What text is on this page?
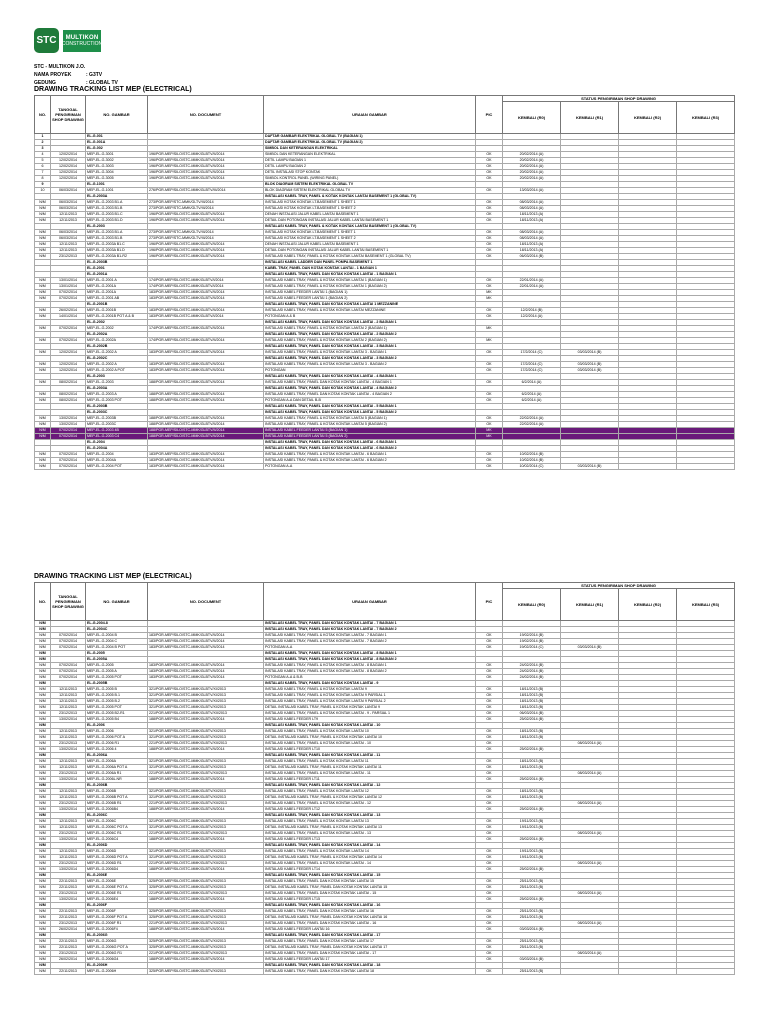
STC	MULTIKON
CONSTRUCTION
STC - MULTIKON J.O.
NAMA PROYEK	: G3TV
GEDUNG	: GLOBAL TV
DRAWING TRACKING LIST MEP (ELECTRICAL)
NO.	TANGGAL PENGIRIMAN SHOP DRAWING	NO. GAMBAR	NO. DOCUMENT	URAIAN GAMBAR	PIC	STATUS PENGIRIMAN SHOP DRAWING			
						KEMBALI (R0)	KEMBALI (R1)	KEMBALI (R2)	KEMBALI (R3)
1		EL-G-001		DAFTAR GAMBAR ELEKTRIKAL GLOBAL TV (BAGIAN 1)					
2		EL-G-001A		DAFTAR GAMBAR ELEKTRIKAL GLOBAL TV (BAGIAN 2)					
3		EL-G-002		SIMBOL DAN KETERANGAN ELEKTRIKAL					
4	12/02/2014	MEP-EL-G-3001	196/PGR-MEP/SILO/STC-MMK/GLBTV/II/2014	SIMBOL DAN KETERANGAN ELEKTRIKAL	OK	20/02/2014 (A)			
5	12/02/2014	MEP-EL-G-3002	196/PGR-MEP/SILO/STC-MMK/GLBTV/II/2014	DETIL LAMPU BAGIAN 1	OK	20/02/2014 (A)			
6	12/02/2014	MEP-EL-G-3003	196/PGR-MEP/SILO/STC-MMK/GLBTV/II/2014	DETIL LAMPU BAGIAN 2	OK	20/02/2014 (A)			
7	12/02/2014	MEP-EL-G-3004	196/PGR-MEP/SILO/STC-MMK/GLBTV/II/2014	DETIL INSTALASI STOP KONTAK	OK	20/02/2014 (A)			
8	12/02/2014	MEP-EL-G-3005	196/PGR-MEP/SILO/STC-MMK/GLBTV/II/2014	SIMBOL KONTROL PANEL (WIRING PANEL)	OK	20/02/2014 (A)			
9		EL-G-1001		BLOK DIAGRAM SISTEM ELEKTRIKAL GLOBAL TV					
10	06/03/2014	MEP-EL-G-1001	276/PGR-MEP/SILO/STC-MMK/GLBTV/III/2014	BLOK DIAGRAM SISTEM ELEKTRIKAL GLOBAL TV	OK	13/03/2014 (A)			
		EL-G-2003A		INSTALASI KABEL TRAY, PANEL & KOTAK KONTAK LANTAI BASEMENT 1 (GLOBAL TV)					
N/M	06/03/2014	MEP-EL-G-2003 B1.A	273/PGR-MEP/STC-MMK/GLTV/III/2014	INSTALASI KOTAK KONTAK LT.BASEMENT 1 SHEET 1	OK	08/03/2014 (A)			
N/M	06/03/2014	MEP-EL-G-2003 B1.B	273/PGR-MEP/STC-MMK/GLTV/III/2014	INSTALASI KOTAK KONTAK LT.BASEMENT 1 SHEET 2	OK	08/03/2014 (A)			
N/M	12/11/2013	MEP-EL-G-2003 B1.C	196/PGR-MEP/SILO/STC-MMK/GLBTV/II/2014	DENAH INSTALASI JALUR KABEL LANTAI BASEMENT 1	OK	18/11/2013 (A)			
N/M	12/11/2013	MEP-EL-G-2003 B1.D	196/PGR-MEP/SILO/STC-MMK/GLBTV/II/2014	DETAIL DAN POTONGAN INSTALASI JALUR KABEL LANTAI BASEMENT 1	OK	18/11/2013 (A)			
		EL-G-2003		INSTALASI KABEL TRAY, PANEL & KOTAK KONTAK LANTAI BASEMENT 1 (GLOBAL TV)					
N/M	06/03/2014	MEP-EL-G-2003 B1.A	273/PGR-MEP/STC-MMK/GLTV/III/2014	INSTALASI KOTAK KONTAK LT.BASEMENT 1 SHEET 1	OK	08/03/2014 (A)			
N/M	06/03/2014	MEP-EL-G-2003 B1.B	273/PGR-MEP/STC-MMK/GLTV/III/2014	INSTALASI KOTAK KONTAK LT.BASEMENT 1 SHEET 2	OK	08/03/2014 (A)			
N/M	12/11/2013	MEP-EL-G-2003A B1.C	196/PGR-MEP/SILO/STC-MMK/GLBTV/II/2014	DENAH INSTALASI JALUR KABEL LANTAI BASEMENT 1	OK	18/11/2013 (A)			
N/M	12/11/2013	MEP-EL-G-2003A B1.D	196/PGR-MEP/SILO/STC-MMK/GLBTV/II/2014	DETAIL DAN POTONGAN INSTALASI JALUR KABEL LANTAI BASEMENT 1	OK	18/11/2013 (A)			
N/M	23/12/2013	MEP-EL-G-2003A B1-R2	196/PGR-MEP/SILO/STC-MMK/GLBTV/II/2014	INSTALASI KABEL TRAY, PANEL & KOTAK KONTAK LANTAI BASEMENT 1 (GLOBAL TV)	OK	06/03/2014 (B)			
		EL-G-2003B		INSTALASI KABEL LADDER DAN PANEL POMPA BASEMENT 1					
		EL-G-2001		KABEL TRAY, PANEL DAN KOTAK KONTAK LANTAI - 1 BAGIAN 1					
		EL-G-2001A		INSTALASI KABEL TRAY, PANEL DAN KOTAK KONTAK LANTAI - 1 BAGIAN 1					
N/M	13/01/2014	MEP-EL-G-2001 A	174/PGR-MEP/SILO/STC-MMK/GLBTV/I/2014	INSTALASI KABEL TRAY, PANEL & KOTAK KONTAK LANTAI 1 (BAGIAN 1)	OK	22/01/2014 (A)			
N/M	13/01/2014	MEP-EL-G-2001A	174/PGR-MEP/SILO/STC-MMK/GLBTV/I/2014	INSTALASI KABEL TRAY, PANEL & KOTAK KONTAK LANTAI 1 (BAGIAN 2)	OK	22/01/2014 (A)			
N/M	07/02/2014	MEP-EL-G-2001A	183/PGR-MEP/SILO/STC-MMK/GLBTV/II/2014	INSTALASI KABEL FEEDER LANTAI 1 (BAGIAN 1)	MK				
N/M	07/02/2014	MEP-EL-G-2001 AB	183/PGR-MEP/SILO/STC-MMK/GLBTV/II/2014	INSTALASI KABEL FEEDER LANTAI 1 (BAGIAN 2)	MK				
		EL-G-2001B		INSTALASI KABEL TRAY, PANEL DAN KOTAK KONTAK LANTAI 1 MEZZANINE					
N/M	26/02/2014	MEP-EL-G-2001B	183/PGR-MEP/SILO/STC-MMK/GLBTV/II/2014	INSTALASI KABEL TRAY, PANEL & KOTAK KONTAK LANTAI MEZZANINE	OK	12/2/2014 (B)			
N/M	14/01/2014	MEP-EL-G-2001B POT A & B	183/PGR-MEP/SILO/STC-MMK/GLBTV/I/2014	POTONGAN A & B	OK	12/2/2014 (A)			
		EL-G-2002		INSTALASI KABEL TRAY, PANEL DAN KOTAK KONTAK LANTAI - 2 BAGIAN 1					
N/M	07/02/2014	MEP-EL-G-2002	174/PGR-MEP/SILO/STC-MMK/GLBTV/II/2014	INSTALASI KABEL TRAY, PANEL & KOTAK KONTAK LANTAI 2 (BAGIAN 1)	MK				
		EL-G-2002A		INSTALASI KABEL TRAY, PANEL DAN KOTAK KONTAK LANTAI - 2 BAGIAN 2					
N/M	07/02/2014	MEP-EL-G-2002A	174/PGR-MEP/SILO/STC-MMK/GLBTV/II/2014	INSTALASI KABEL TRAY, PANEL & KOTAK KONTAK LANTAI 2 (BAGIAN 2)	MK				
		EL-G-2002B		INSTALASI KABEL TRAY, PANEL DAN KOTAK KONTAK LANTAI - 3 BAGIAN 1					
N/M	12/02/2014	MEP-EL-G-2002 A	183/PGR-MEP/SILO/STC-MMK/GLBTV/II/2014	INSTALASI KABEL TRAY, PANEL & KOTAK KONTAK LANTAI 3 - BAGIAN 1	OK	17/2/2014 (C)	03/03/2014 (B)		
		EL-G-2002C		INSTALASI KABEL TRAY, PANEL DAN KOTAK KONTAK LANTAI - 3 BAGIAN 2					
N/M	12/02/2014	MEP-EL-G-2002 A	183/PGR-MEP/SILO/STC-MMK/GLBTV/II/2014	INSTALASI KABEL TRAY, PANEL & KOTAK KONTAK LANTAI 3 - BAGIAN 2	OK	17/2/2014 (C)	03/03/2014 (B)		
N/M	12/02/2014	MEP-EL-G-2002 A POT	183/PGR-MEP/SILO/STC-MMK/GLBTV/II/2014	POTONGAN	OK	17/2/2014 (C)	03/03/2014 (B)		
		EL-G-2003		INSTALASI KABEL TRAY, PANEL DAN KOTAK KONTAK LANTAI - 4 BAGIAN 1					
N/M	08/02/2014	MEP-EL-G-2003	188/PGR-MEP/SILO/STC-MMK/GLBTV/II/2014	INSTALASI KABEL TRAY, PANEL DAN KOTAK KONTAK LANTAI - 4 BAGIAN 1	OK	6/2/2014 (A)			
		EL-G-2003A		INSTALASI KABEL TRAY, PANEL DAN KOTAK KONTAK LANTAI - 4 BAGIAN 2					
N/M	08/02/2014	MEP-EL-G-2003 A	188/PGR-MEP/SILO/STC-MMK/GLBTV/II/2014	INSTALASI KABEL TRAY, PANEL DAN KOTAK KONTAK LANTAI - 4 BAGIAN 2	OK	6/2/2014 (A)			
N/M	08/02/2014	MEP-EL-G-2003 POT	188/PGR-MEP/SILO/STC-MMK/GLBTV/II/2014	POTONGAN A-A DAN DETAIL B-B	OK	6/2/2014 (A)			
		EL-G-2003B		INSTALASI KABEL TRAY, PANEL DAN KOTAK KONTAK LANTAI - 5 BAGIAN 1					
		EL-G-2003C		INSTALASI KABEL TRAY, PANEL DAN KOTAK KONTAK LANTAI - 5 BAGIAN 2					
N/M	13/02/2014	MEP-EL-G-2003B	188/PGR-MEP/SILO/STC-MMK/GLBTV/II/2014	INSTALASI KABEL TRAY, PANEL & KOTAK KONTAK LANTAI 5 (BAGIAN 1)	OK	22/02/2014 (A)			
N/M	13/02/2014	MEP-EL-G-2003C	188/PGR-MEP/SILO/STC-MMK/GLBTV/II/2014	INSTALASI KABEL TRAY, PANEL & KOTAK KONTAK LANTAI 5 (BAGIAN 2)	OK	22/02/2014 (A)			
N/M	07/02/2014	MEP-EL-G-2003 4B	188/PGR-MEP/SILO/STC-MMK/GLBTV/II/2014	INSTALASI KABEL FEEDER LANTAI 5 (BAGIAN 1)	MK				
N/M	07/02/2014	MEP-EL-G-2003 C4	188/PGR-MEP/SILO/STC-MMK/GLBTV/II/2014	INSTALASI KABEL FEEDER LANTAI 5 (BAGIAN 2)	MK				
		EL-G-2004		INSTALASI KABEL TRAY, PANEL DAN KOTAK KONTAK LANTAI - 6 BAGIAN 1					
		EL-G-2004A		INSTALASI KABEL TRAY, PANEL DAN KOTAK KONTAK LANTAI - 6 BAGIAN 2					
N/M	07/02/2014	MEP-EL-G-2004	183/PGR-MEP/SILO/STC-MMK/GLBTV/II/2014	INSTALASI KABEL TRAY, PANEL & KOTAK KONTAK LANTAI - 6 BAGIAN 1	OK	10/02/2014 (B)			
N/M	07/02/2014	MEP-EL-G-2004A	183/PGR-MEP/SILO/STC-MMK/GLBTV/II/2014	INSTALASI KABEL TRAY, PANEL & KOTAK KONTAK LANTAI - 6 BAGIAN 2	OK	10/02/2014 (B)			
N/M	07/02/2014	MEP-EL-G-2004 POT	183/PGR-MEP/SILO/STC-MMK/GLBTV/II/2014	POTONGAN A-A	OK	10/02/2014 (C)	03/03/2014 (B)		
DRAWING TRACKING LIST MEP (ELECTRICAL)
NO.	TANGGAL PENGIRIMAN SHOP DRAWING	NO. GAMBAR	NO. DOCUMENT	URAIAN GAMBAR	PIC	STATUS PENGIRIMAN SHOP DRAWING			
						KEMBALI (R0)	KEMBALI (R1)	KEMBALI (R2)	KEMBALI (R3)
N/M		EL-G-2004.8		INSTALASI KABEL TRAY, PANEL DAN KOTAK KONTAK LANTAI - 7 BAGIAN 1					
N/M		EL-G-2004C		INSTALASI KABEL TRAY, PANEL DAN KOTAK KONTAK LANTAI - 7 BAGIAN 2					
N/M	07/02/2014	MEP-EL-G-2004 B	183/PGR-MEP/SILO/STC-MMK/GLBTV/II/2014	INSTALASI KABEL TRAY, PANEL & KOTAK KONTAK LANTAI - 7 BAGIAN 1	OK	19/02/2014 (B)			
N/M	07/02/2014	MEP-EL-G-2004 C	183/PGR-MEP/SILO/STC-MMK/GLBTV/II/2014	INSTALASI KABEL TRAY, PANEL & KOTAK KONTAK LANTAI - 7 BAGIAN 2	OK	19/02/2014 (B)			
N/M	07/02/2014	MEP-EL-G-2004 B POT	183/PGR-MEP/SILO/STC-MMK/GLBTV/II/2014	POTONGAN A-A	OK	19/02/2014 (C)	03/03/2014 (B)		
N/M		EL-G-2005		INSTALASI KABEL TRAY, PANEL DAN KOTAK KONTAK LANTAI - 8 BAGIAN 1					
N/M		EL-G-2005A		INSTALASI KABEL TRAY, PANEL DAN KOTAK KONTAK LANTAI - 8 BAGIAN 2					
N/M	07/02/2014	MEP-EL-G-2005	183/PGR-MEP/SILO/STC-MMK/GLBTV/II/2014	INSTALASI KABEL TRAY, PANEL & KOTAK KONTAK LANTAI - 8 BAGIAN 1	OK	24/02/2014 (B)			
N/M	07/02/2014	MEP-EL-G-2005 A	183/PGR-MEP/SILO/STC-MMK/GLBTV/II/2014	INSTALASI KABEL TRAY, PANEL & KOTAK KONTAK LANTAI - 8 BAGIAN 2	OK	24/02/2014 (B)			
N/M	07/02/2014	MEP-EL-G-2005 POT	183/PGR-MEP/SILO/STC-MMK/GLBTV/II/2014	POTONGAN A-A & B-B	OK	24/02/2014 (B)			
N/M		EL-G-2005B		INSTALASI KABEL TRAY, PANEL DAN KOTAK KONTAK LANTAI - 9					
N/M	12/11/2013	MEP-EL-G-2005 B	321/PGR-MEP/SILO/STC-MMK/GLBTV/XI/2013	INSTALASI KABEL TRAY, PANEL & KOTAK KONTAK LANTAI 9	OK	18/11/2013 (B)			
N/M	12/11/2013	MEP-EL-G-2005 B.1	321/PGR-MEP/SILO/STC-MMK/GLBTV/XI/2013	INSTALASI KABEL TRAY, PANEL & KOTAK KONTAK LANTAI 9 PARSIAL 1	OK	18/11/2013 (B)			
N/M	12/11/2013	MEP-EL-G-2005 B.2	321/PGR-MEP/SILO/STC-MMK/GLBTV/XI/2013	INSTALASI KABEL TRAY, PANEL & KOTAK KONTAK LANTAI 9 PARSIAL 2	OK	18/11/2013 (B)			
N/M	12/11/2013	MEP-EL-G-2005 POT	321/PGR-MEP/SILO/STC-MMK/GLBTV/XI/2013	DETAIL INSTALASI KABEL TRAY, PANEL & KOTAK KONTAK LANTAI 9	OK	18/11/2013 (B)			
N/M	23/12/2013	MEP-EL-G-2005 B2-R1	221/PGR-MEP/SILO/STC-MMK/GLBTV/XII/2013	INSTALASI KABEL TRAY, PANEL & KOTAK KONTAK LANTAI - 9 - PARSIAL 1	OK	06/03/2014 (B)			
N/M	13/02/2014	MEP-EL-G-2005 B4	188/PGR-MEP/SILO/STC-MMK/GLBTV/II/2014	INSTALASI KABEL FEEDER LT9	OK	25/02/2014 (B)			
N/M		EL-G-2006		INSTALASI KABEL TRAY, PANEL DAN KOTAK KONTAK LANTAI - 10					
N/M	12/11/2013	MEP-EL-G-2006	321/PGR-MEP/SILO/STC-MMK/GLBTV/XI/2013	INSTALASI KABEL TRAY, PANEL & KOTAK KONTAK LANTAI 10	OK	18/11/2013 (B)			
N/M	12/11/2013	MEP-EL-G-2006 POT A	321/PGR-MEP/SILO/STC-MMK/GLBTV/XI/2013	DETAIL INSTALASI KABEL TRAY, PANEL & KOTAK KONTAK LANTAI 10	OK	18/11/2013 (B)			
N/M	23/12/2013	MEP-EL-G-2006 R1	221/PGR-MEP/SILO/STC-MMK/GLBTV/XII/2013	INSTALASI KABEL TRAY, PANEL & KOTAK KONTAK LANTAI - 10	OK		08/03/2014 (A)		
N/M	13/02/2014	MEP-EL-G-2006 4	188/PGR-MEP/SILO/STC-MMK/GLBTV/II/2014	INSTALASI KABEL FEEDER LT10	OK	25/02/2014 (B)			
N/M		EL-G-2006A		INSTALASI KABEL TRAY, PANEL DAN KOTAK KONTAK LANTAI - 11					
N/M	12/11/2013	MEP-EL-G-2006A	321/PGR-MEP/SILO/STC-MMK/GLBTV/XI/2013	INSTALASI KABEL TRAY, PANEL & KOTAK KONTAK LANTAI 11	OK	18/11/2013 (B)			
N/M	12/11/2013	MEP-EL-G-2006A POT A	321/PGR-MEP/SILO/STC-MMK/GLBTV/XI/2013	DETAIL INSTALASI KABEL TRAY, PANEL & KOTAK KONTAK LANTAI 11	OK	18/11/2013 (B)			
N/M	23/12/2013	MEP-EL-G-2006A R1	221/PGR-MEP/SILO/STC-MMK/GLBTV/XII/2013	INSTALASI KABEL TRAY, PANEL & KOTAK KONTAK LANTAI - 11	OK		08/03/2014 (A)		
N/M	13/02/2014	MEP-EL-G-2006L.NR	188/PGR-MEP/SILO/STC-MMK/GLBTV/II/2014	INSTALASI KABEL FEEDER LT11	OK	25/02/2014 (B)			
N/M		EL-G-2006B		INSTALASI KABEL TRAY, PANEL DAN KOTAK KONTAK LANTAI - 12					
N/M	12/11/2013	MEP-EL-G-2006B	321/PGR-MEP/SILO/STC-MMK/GLBTV/XI/2013	INSTALASI KABEL TRAY, PANEL & KOTAK KONTAK LANTAI 12	OK	18/11/2013 (B)			
N/M	12/11/2013	MEP-EL-G-2006B POT A	321/PGR-MEP/SILO/STC-MMK/GLBTV/XI/2013	DETAIL INSTALASI KABEL TRAY, PANEL & KOTAK KONTAK LANTAI 12	OK	18/11/2013 (B)			
N/M	23/12/2013	MEP-EL-G-2006B R1	221/PGR-MEP/SILO/STC-MMK/GLBTV/XII/2013	INSTALASI KABEL TRAY, PANEL & KOTAK KONTAK LANTAI - 12	OK		08/03/2014 (A)		
N/M	13/02/2014	MEP-EL-G-2006B4	188/PGR-MEP/SILO/STC-MMK/GLBTV/II/2014	INSTALASI KABEL FEEDER LT12	OK	25/02/2014 (B)			
N/M		EL-G-2006C		INSTALASI KABEL TRAY, PANEL DAN KOTAK KONTAK LANTAI - 13					
N/M	12/11/2013	MEP-EL-G-2006C	321/PGR-MEP/SILO/STC-MMK/GLBTV/XI/2013	INSTALASI KABEL TRAY, PANEL & KOTAK KONTAK LANTAI 13	OK	19/11/2013 (B)			
N/M	12/11/2013	MEP-EL-G-2006C POT A	321/PGR-MEP/SILO/STC-MMK/GLBTV/XI/2013	DETAIL INSTALASI KABEL TRAY, PANEL & KOTAK KONTAK LANTAI 13	OK	19/11/2013 (B)			
N/M	23/12/2013	MEP-EL-G-2006C R1	221/PGR-MEP/SILO/STC-MMK/GLBTV/XII/2013	INSTALASI KABEL TRAY, PANEL & KOTAK KONTAK LANTAI - 13	OK		08/03/2014 (A)		
N/M	13/02/2014	MEP-EL-G-2006C4	188/PGR-MEP/SILO/STC-MMK/GLBTV/II/2014	INSTALASI KABEL FEEDER LT13	OK	25/02/2014 (B)			
N/M		EL-G-2006D		INSTALASI KABEL TRAY, PANEL DAN KOTAK KONTAK LANTAI - 14					
N/M	12/11/2013	MEP-EL-G-2006D	321/PGR-MEP/SILO/STC-MMK/GLBTV/XI/2013	INSTALASI KABEL TRAY, PANEL & KOTAK KONTAK LANTAI 14	OK	19/11/2013 (B)			
N/M	12/11/2013	MEP-EL-G-2006D POT A	321/PGR-MEP/SILO/STC-MMK/GLBTV/XI/2013	DETAIL INSTALASI KABEL TRAY, PANEL & KOTAK KONTAK LANTAI 14	OK	19/11/2013 (B)			
N/M	23/12/2013	MEP-EL-G-2006D R1	221/PGR-MEP/SILO/STC-MMK/GLBTV/XII/2013	INSTALASI KABEL TRAY, PANEL & KOTAK KONTAK LANTAI - 14	OK		08/03/2014 (A)		
N/M	13/02/2014	MEP-EL-G-2006D4	188/PGR-MEP/SILO/STC-MMK/GLBTV/II/2014	INSTALASI KABEL FEEDER LT14	OK	25/02/2014 (B)			
N/M		EL-G-2006E		INSTALASI KABEL TRAY, PANEL DAN KOTAK KONTAK LANTAI - 15					
N/M	22/11/2013	MEP-EL-G-2006E	325/PGR-MEP/SILO/STC-MMK/GLBTV/XI/2013	INSTALASI KABEL TRAY, PANEL DAN KOTAK KONTAK LANTAI 15	OK	25/11/2013 (B)			
N/M	22/11/2013	MEP-EL-G-2006E POT A	325/PGR-MEP/SILO/STC-MMK/GLBTV/XI/2013	DETAIL INSTALASI KABEL TRAY, PANEL DAN KOTAK KONTAK LANTAI 15	OK	25/11/2013 (B)			
N/M	23/12/2013	MEP-EL-G-2006E R1	221/PGR-MEP/SILO/STC-MMK/GLBTV/XII/2013	INSTALASI KABEL TRAY, PANEL DAN KOTAK KONTAK LANTAI - 15	OK		08/03/2014 (A)		
N/M	13/02/2014	MEP-EL-G-2006E4	188/PGR-MEP/SILO/STC-MMK/GLBTV/II/2014	INSTALASI KABEL FEEDER LT15	OK	25/02/2014 (B)			
N/M		EL-G-2006F		INSTALASI KABEL TRAY, PANEL DAN KOTAK KONTAK LANTAI - 16					
N/M	22/11/2013	MEP-EL-G-2006F	325/PGR-MEP/SILO/STC-MMK/GLBTV/XI/2013	INSTALASI KABEL TRAY, PANEL DAN KOTAK KONTAK LANTAI 16	OK	25/11/2013 (B)			
N/M	22/11/2013	MEP-EL-G-2006F POT A	325/PGR-MEP/SILO/STC-MMK/GLBTV/XI/2013	DETAIL INSTALASI KABEL TRAY, PANEL DAN KOTAK KONTAK LANTAI 16	OK	25/11/2013 (B)			
N/M	23/12/2013	MEP-EL-G-2006F R1	221/PGR-MEP/SILO/STC-MMK/GLBTV/XII/2013	INSTALASI KABEL TRAY, PANEL DAN KOTAK KONTAK LANTAI - 16	OK		08/03/2014 (A)		
N/M	26/02/2014	MEP-EL-G-2006F4	188/PGR-MEP/SILO/STC-MMK/GLBTV/II/2014	INSTALASI KABEL FEEDER LANTAI 16	OK	03/03/2014 (B)			
N/M		EL-G-2006G		INSTALASI KABEL TRAY, PANEL DAN KOTAK KONTAK LANTAI - 17					
N/M	22/11/2013	MEP-EL-G-2006G	325/PGR-MEP/SILO/STC-MMK/GLBTV/XI/2013	INSTALASI KABEL TRAY, PANEL DAN KOTAK KONTAK LANTAI 17	OK	25/11/2013 (B)			
N/M	22/11/2013	MEP-EL-G-2006G POT A	325/PGR-MEP/SILO/STC-MMK/GLBTV/XI/2013	DETAIL INSTALASI KABEL TRAY, PANEL DAN KOTAK KONTAK LANTAI 17	OK	25/11/2013 (B)			
N/M	23/12/2013	MEP-EL-G-2006G R1	221/PGR-MEP/SILO/STC-MMK/GLBTV/XII/2013	INSTALASI KABEL TRAY, PANEL DAN KOTAK KONTAK LANTAI - 17	OK		08/03/2014 (A)		
N/M	26/02/2014	MEP-EL-G-2006G4	188/PGR-MEP/SILO/STC-MMK/GLBTV/II/2014	INSTALASI KABEL FEEDER LANTAI 17	OK	03/03/2014 (B)			
N/M		EL-G-2006H		INSTALASI KABEL TRAY, PANEL DAN KOTAK KONTAK LANTAI - 18					
N/M	22/11/2013	MEP-EL-G-2006H	325/PGR-MEP/SILO/STC-MMK/GLBTV/XI/2013	INSTALASI KABEL TRAY, PANEL DAN KOTAK KONTAK LANTAI 18	OK	25/11/2013 (B)			
